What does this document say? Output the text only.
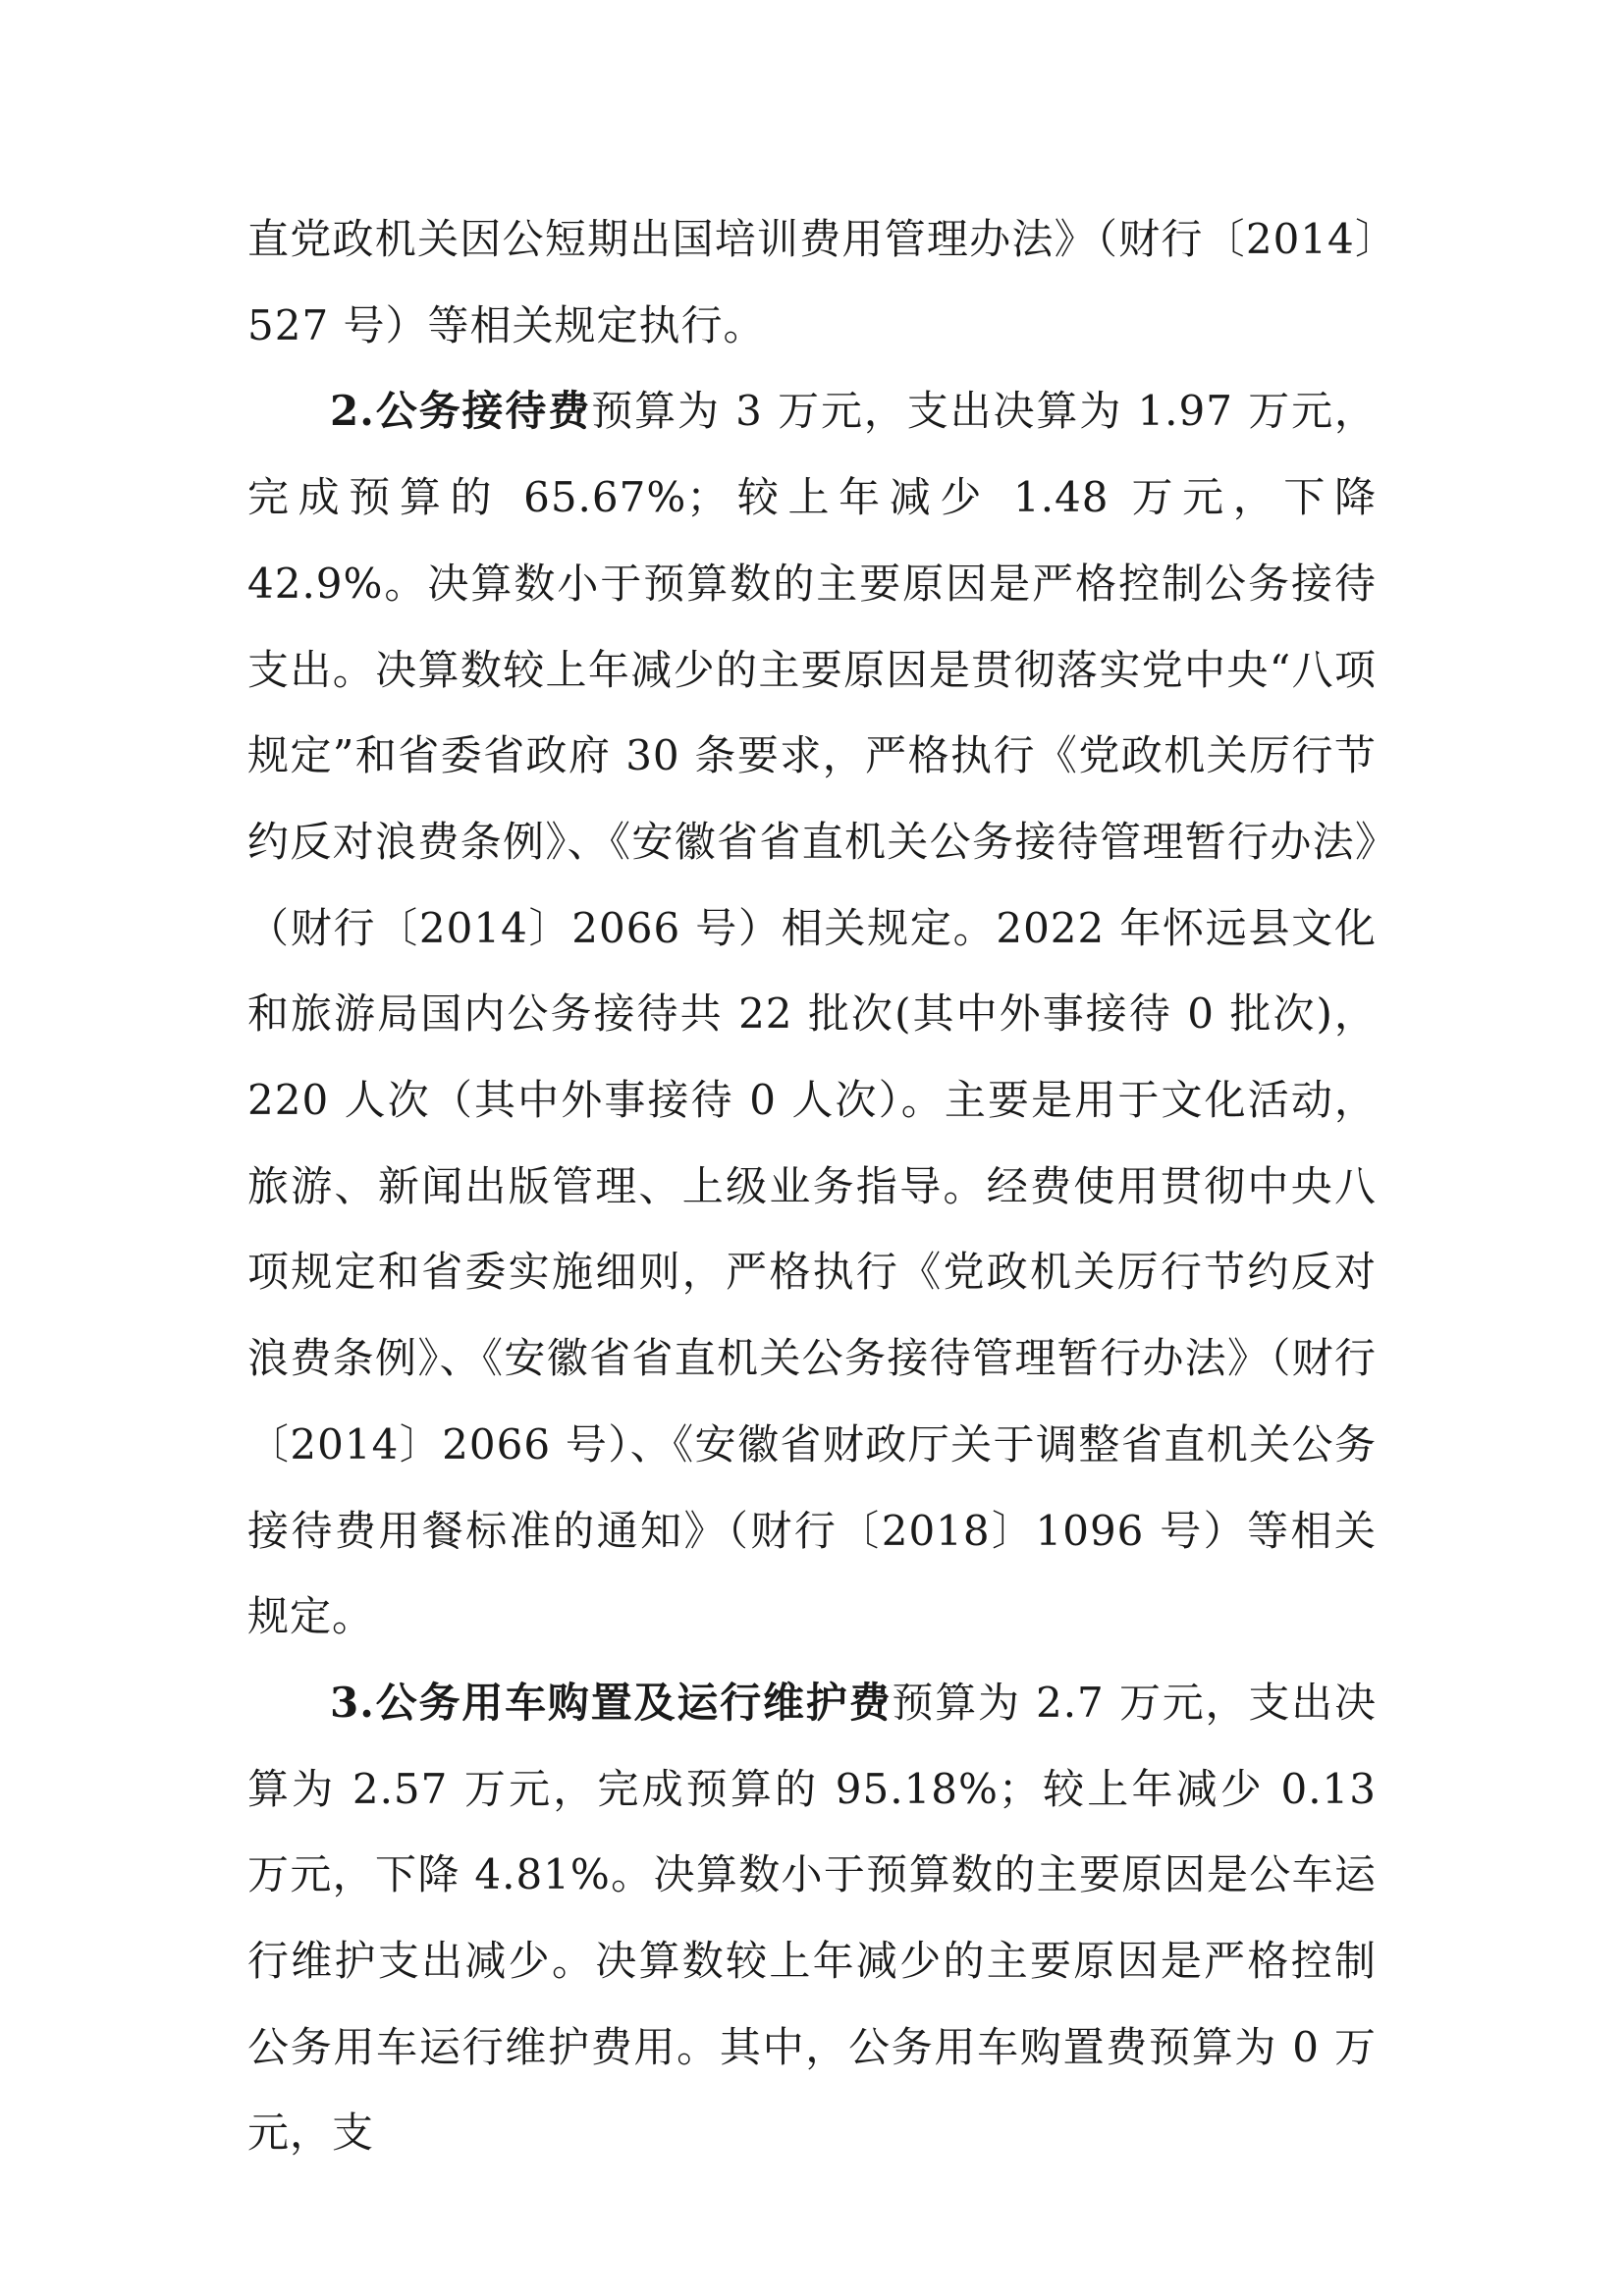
直党政机关因公短期出国培训费用管理办法》（财行〔2014〕527 号）等相关规定执行。

2.公务接待费预算为 3 万元，支出决算为 1.97 万元，完成预算的 65.67%；较上年减少 1.48 万元，下降 42.9%。决算数小于预算数的主要原因是严格控制公务接待支出。决算数较上年减少的主要原因是贯彻落实党中央“八项规定”和省委省政府 30 条要求，严格执行《党政机关厉行节约反对浪费条例》、《安徽省省直机关公务接待管理暂行办法》（财行〔2014〕2066 号）相关规定。2022 年怀远县文化和旅游局国内公务接待共 22 批次(其中外事接待 0 批次)，220 人次（其中外事接待 0 人次）。主要是用于文化活动，旅游、新闻出版管理、上级业务指导。经费使用贯彻中央八项规定和省委实施细则，严格执行《党政机关厉行节约反对浪费条例》、《安徽省省直机关公务接待管理暂行办法》（财行〔2014〕2066 号）、《安徽省财政厅关于调整省直机关公务接待费用餐标准的通知》（财行〔2018〕1096 号）等相关规定。

3.公务用车购置及运行维护费预算为 2.7 万元，支出决算为 2.57 万元，完成预算的 95.18%；较上年减少 0.13 万元，下降 4.81%。决算数小于预算数的主要原因是公车运行维护支出减少。决算数较上年减少的主要原因是严格控制公务用车运行维护费用。其中，公务用车购置费预算为 0 万元，支
